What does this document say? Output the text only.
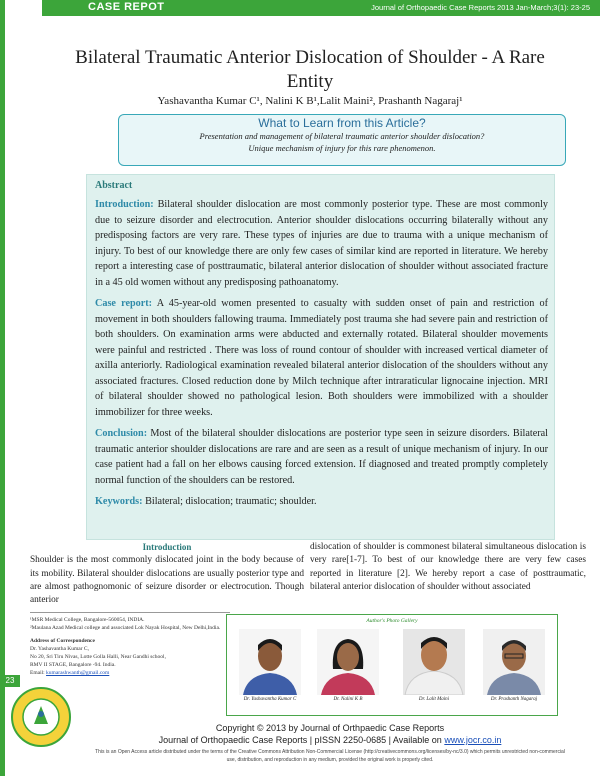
CASE REPOT	Journal of Orthopaedic Case Reports 2013 Jan-March;3(1): 23-25
Bilateral Traumatic Anterior Dislocation of Shoulder - A Rare Entity
Yashavantha Kumar C¹, Nalini K B¹,Lalit Maini², Prashanth Nagaraj¹
What to Learn from this Article?
Presentation and management of bilateral traumatic anterior shoulder dislocation?
Unique mechanism of injury for this rare phenomenon.
Abstract

Introduction: Bilateral shoulder dislocation are most commonly posterior type. These are most commonly due to seizure disorder and electrocution. Anterior shoulder dislocations occurring bilaterally without any predisposing factors are very rare. These types of injuries are due to trauma with a unique mechanism of injury. To best of our knowledge there are only few cases of similar kind are reported in literature. We hereby report a interesting case of posttraumatic, bilateral anterior dislocation of shoulder without associated fracture in a 45 old women without any predisposing pathoanatomy.

Case report: A 45-year-old women presented to casualty with sudden onset of pain and restriction of movement in both shoulders fallowing trauma. Immediately post trauma she had severe pain and restriction of both shoulders. On examination arms were abducted and externally rotated. Bilateral shoulder movements were painful and restricted . There was loss of round contour of shoulder with increased vertical diameter of axilla anteriorly. Radiological examination revealed bilateral anterior dislocation of the shoulders without any associated fractures. Closed reduction done by Milch technique after intraraticular lignocaine injection. MRI of bilateral shoulder showed no pathological lesion. Both shoulders were immobilized with a shoulder immobilizer for three weeks.

Conclusion: Most of the bilateral shoulder dislocations are posterior type seen in seizure disorders. Bilateral traumatic anterior shoulder dislocations are rare and are seen as a result of unique mechanism of injury. In our case patient had a fall on her elbows causing forced extension. If diagnosed and treated promptly completely normal function of the shoulders can be restored.

Keywords: Bilateral; dislocation; traumatic; shoulder.

Introduction
Shoulder is the most commonly dislocated joint in the body because of its mobility. Bilateral shoulder dislocations are usually posterior type and are almost pathognomonic of seizure disorder or electrocution. Though anterior
dislocation of shoulder is commonest bilateral simultaneous dislocation is very rare[1-7]. To best of our knowledge there are very few cases reported in literature [2]. We hereby report a case of posttraumatic, bilateral anterior dislocation of shoulder without associated
¹MSR Medical College, Bangalore-560054, INDIA.
²Maulana Azad Medical college and associated Lok Nayak Hospital, New Delhi,India.
Address of Correspondence
Dr. Yashavantha Kumar C,
No 20, Sri Tiru Nivas, Lotte Golla Halli, Near Gandhi school,
RMV II STAGE, Bangalore -94. India.
Email: kumarashwanth@gmail.com
23
Author's Photo Gallery
Dr. Yashavantha Kumar C	Dr. Nalini K B	Dr. Lalit Maini	Dr. Prashanth Nagaraj
Copyright © 2013 by Journal of Orthpaedic Case Reports
Journal of Orthopaedic Case Reports | pISSN 2250-0685 | Available on www.jocr.co.in
This is an Open Access article distributed under the terms of the Creative Commons Attribution Non-Commercial License (http://creativecommons.org/licenses/by-nc/3.0) which permits unrestricted non-commercial use, distribution, and reproduction in any medium, provided the original work is properly cited.
